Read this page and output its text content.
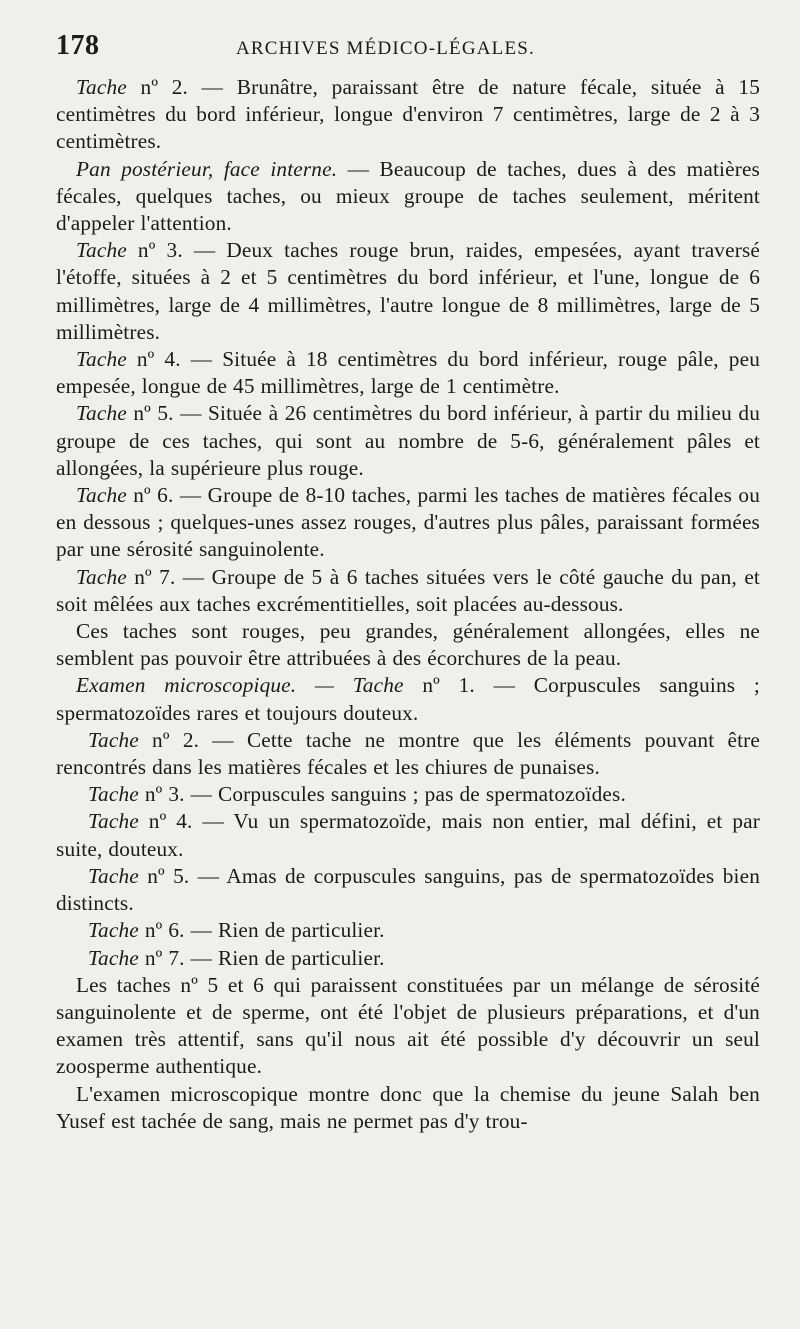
178	ARCHIVES MÉDICO-LÉGALES.

Tache nº 2. — Brunâtre, paraissant être de nature fécale, située à 15 centimètres du bord inférieur, longue d'environ 7 centimètres, large de 2 à 3 centimètres.

Pan postérieur, face interne. — Beaucoup de taches, dues à des matières fécales, quelques taches, ou mieux groupe de taches seulement, méritent d'appeler l'attention.

Tache nº 3. — Deux taches rouge brun, raides, empesées, ayant traversé l'étoffe, situées à 2 et 5 centimètres du bord inférieur, et l'une, longue de 6 millimètres, large de 4 millimètres, l'autre longue de 8 millimètres, large de 5 millimètres.

Tache nº 4. — Située à 18 centimètres du bord inférieur, rouge pâle, peu empesée, longue de 45 millimètres, large de 1 centimètre.

Tache nº 5. — Située à 26 centimètres du bord inférieur, à partir du milieu du groupe de ces taches, qui sont au nombre de 5-6, généralement pâles et allongées, la supérieure plus rouge.

Tache nº 6. — Groupe de 8-10 taches, parmi les taches de matières fécales ou en dessous ; quelques-unes assez rouges, d'autres plus pâles, paraissant formées par une sérosité sanguinolente.

Tache nº 7. — Groupe de 5 à 6 taches situées vers le côté gauche du pan, et soit mêlées aux taches excrémentitielles, soit placées au-dessous.

Ces taches sont rouges, peu grandes, généralement allongées, elles ne semblent pas pouvoir être attribuées à des écorchures de la peau.

Examen microscopique. — Tache nº 1. — Corpuscules sanguins ; spermatozoïdes rares et toujours douteux.

Tache nº 2. — Cette tache ne montre que les éléments pouvant être rencontrés dans les matières fécales et les chiures de punaises.

Tache nº 3. — Corpuscules sanguins ; pas de spermatozoïdes.

Tache nº 4. — Vu un spermatozoïde, mais non entier, mal défini, et par suite, douteux.

Tache nº 5. — Amas de corpuscules sanguins, pas de spermatozoïdes bien distincts.

Tache nº 6. — Rien de particulier.

Tache nº 7. — Rien de particulier.

Les taches nº 5 et 6 qui paraissent constituées par un mélange de sérosité sanguinolente et de sperme, ont été l'objet de plusieurs préparations, et d'un examen très attentif, sans qu'il nous ait été possible d'y découvrir un seul zoosperme authentique.

L'examen microscopique montre donc que la chemise du jeune Salah ben Yusef est tachée de sang, mais ne permet pas d'y trou-
